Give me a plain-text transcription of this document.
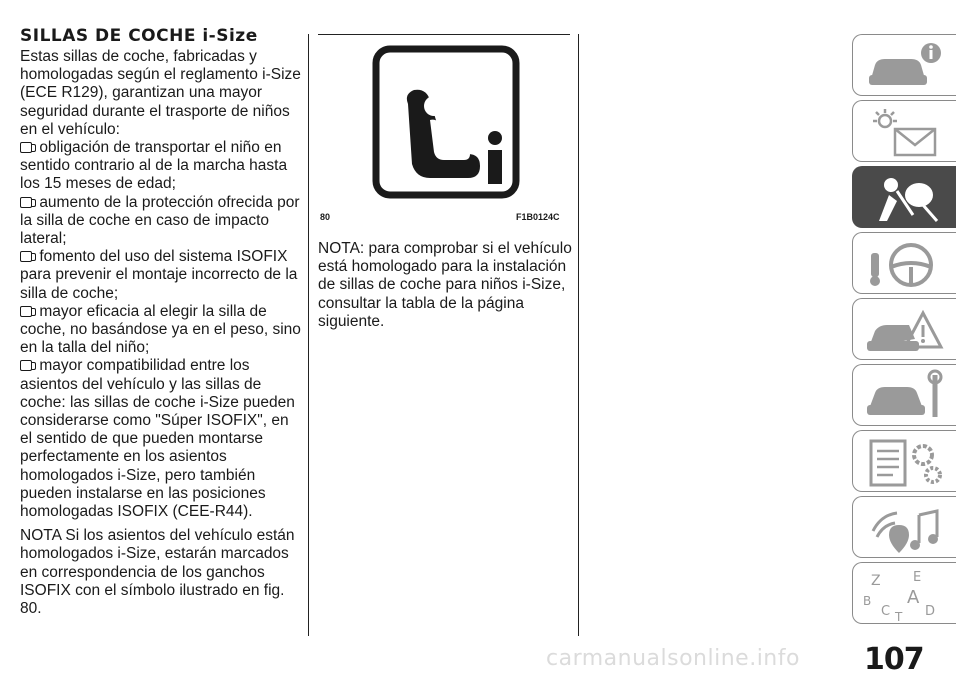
SILLAS DE COCHE i-Size

Estas sillas de coche, fabricadas y homologadas según el reglamento i-Size (ECE R129), garantizan una mayor seguridad durante el trasporte de niños en el vehículo:

obligación de transportar el niño en sentido contrario al de la marcha hasta los 15 meses de edad;

aumento de la protección ofrecida por la silla de coche en caso de impacto lateral;

fomento del uso del sistema ISOFIX para prevenir el montaje incorrecto de la silla de coche;

mayor eficacia al elegir la silla de coche, no basándose ya en el peso, sino en la talla del niño;

mayor compatibilidad entre los asientos del vehículo y las sillas de coche: las sillas de coche i-Size pueden considerarse como "Súper ISOFIX", en el sentido de que pueden montarse perfectamente en los asientos homologados i-Size, pero también pueden instalarse en las posiciones homologadas ISOFIX (CEE-R44).

NOTA Si los asientos del vehículo están homologados i-Size, estarán marcados en correspondencia de los ganchos ISOFIX con el símbolo ilustrado en fig. 80.

80	F1B0124C

NOTA: para comprobar si el vehículo está homologado para la instalación de sillas de coche para niños i-Size, consultar la tabla de la página siguiente.

Z E
B A
C	D
T
carmanualsonline.info 107
